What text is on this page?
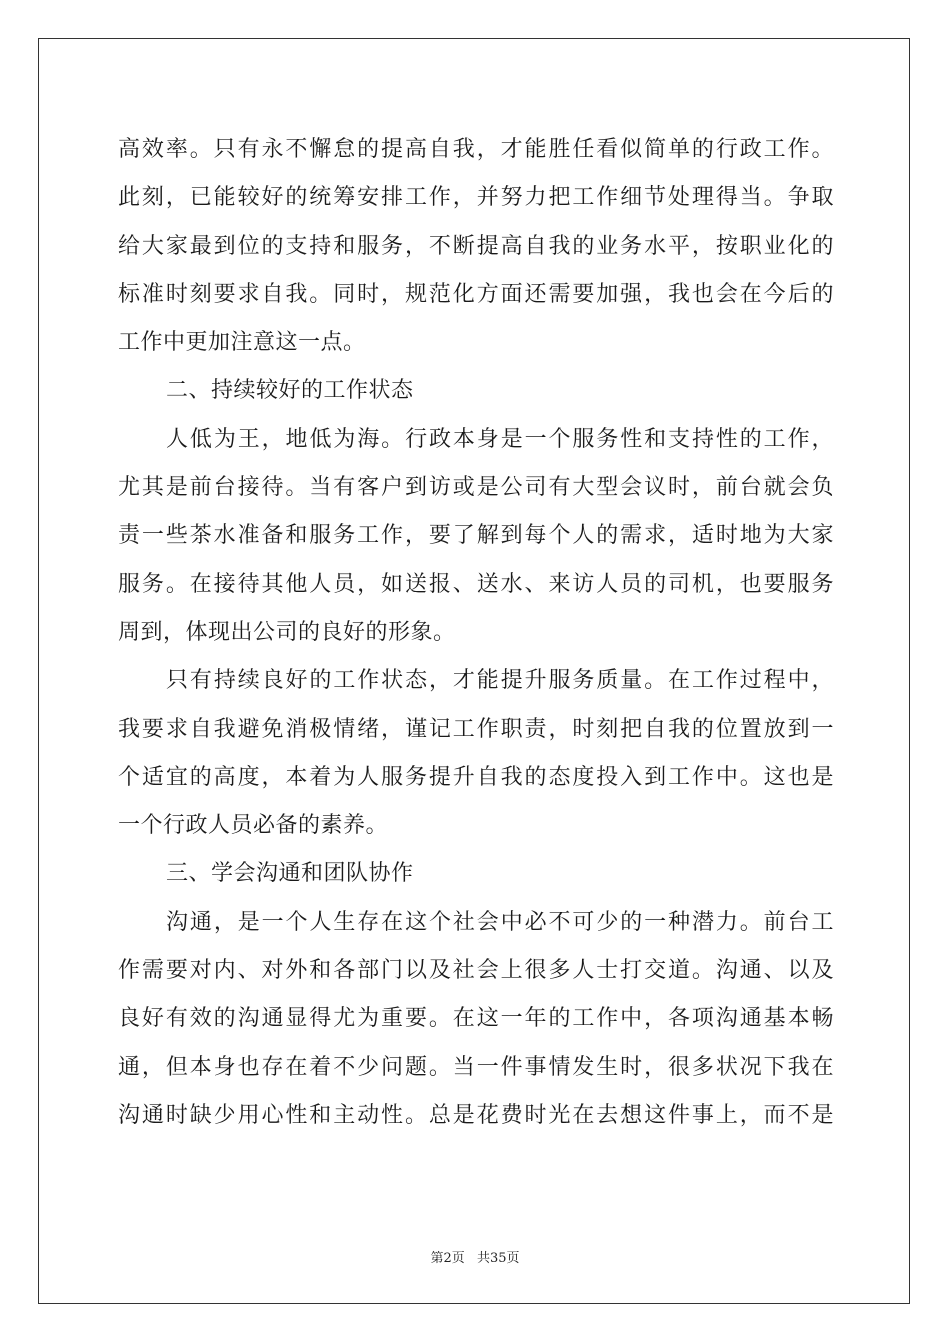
高效率。只有永不懈怠的提高自我，才能胜任看似简单的行政工作。
此刻，已能较好的统筹安排工作，并努力把工作细节处理得当。争取
给大家最到位的支持和服务，不断提高自我的业务水平，按职业化的
标准时刻要求自我。同时，规范化方面还需要加强，我也会在今后的
工作中更加注意这一点。
二、持续较好的工作状态
人低为王，地低为海。行政本身是一个服务性和支持性的工作，
尤其是前台接待。当有客户到访或是公司有大型会议时，前台就会负
责一些茶水准备和服务工作，要了解到每个人的需求，适时地为大家
服务。在接待其他人员，如送报、送水、来访人员的司机，也要服务
周到，体现出公司的良好的形象。
只有持续良好的工作状态，才能提升服务质量。在工作过程中，
我要求自我避免消极情绪，谨记工作职责，时刻把自我的位置放到一
个适宜的高度，本着为人服务提升自我的态度投入到工作中。这也是
一个行政人员必备的素养。
三、学会沟通和团队协作
沟通，是一个人生存在这个社会中必不可少的一种潜力。前台工
作需要对内、对外和各部门以及社会上很多人士打交道。沟通、以及
良好有效的沟通显得尤为重要。在这一年的工作中，各项沟通基本畅
通，但本身也存在着不少问题。当一件事情发生时，很多状况下我在
沟通时缺少用心性和主动性。总是花费时光在去想这件事上，而不是
第2页 共35页
